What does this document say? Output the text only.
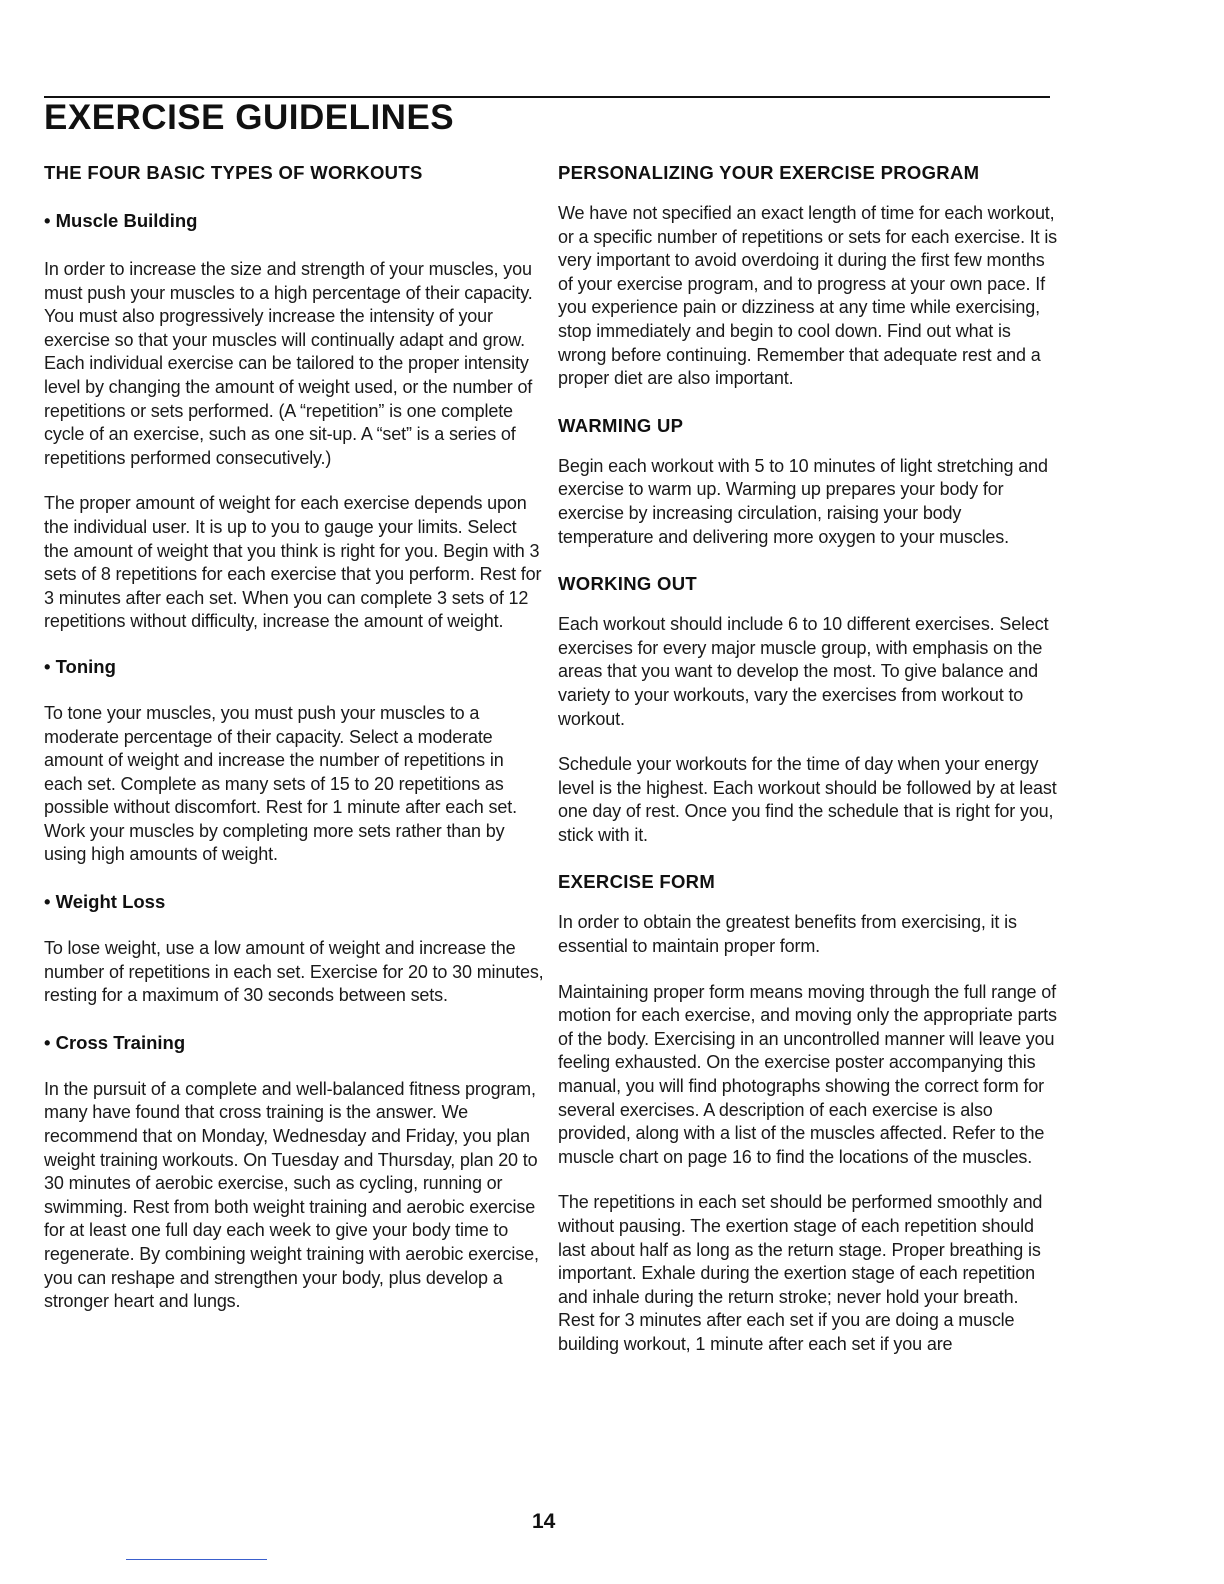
EXERCISE GUIDELINES
THE FOUR BASIC TYPES OF WORKOUTS
• Muscle Building

In order to increase the size and strength of your muscles, you must push your muscles to a high percentage of their capacity. You must also progressively increase the intensity of your exercise so that your muscles will continually adapt and grow. Each individual exercise can be tailored to the proper intensity level by changing the amount of weight used, or the number of repetitions or sets performed. (A “repetition” is one complete cycle of an exercise, such as one sit-up. A “set” is a series of repetitions performed consecutively.)

The proper amount of weight for each exercise depends upon the individual user. It is up to you to gauge your limits. Select the amount of weight that you think is right for you. Begin with 3 sets of 8 repetitions for each exercise that you perform. Rest for 3 minutes after each set. When you can complete 3 sets of 12 repetitions without difficulty, increase the amount of weight.

• Toning

To tone your muscles, you must push your muscles to a moderate percentage of their capacity. Select a moderate amount of weight and increase the number of repetitions in each set. Complete as many sets of 15 to 20 repetitions as possible without discomfort. Rest for 1 minute after each set. Work your muscles by completing more sets rather than by using high amounts of weight.

• Weight Loss

To lose weight, use a low amount of weight and increase the number of repetitions in each set. Exercise for 20 to 30 minutes, resting for a maximum of 30 seconds between sets.

• Cross Training

In the pursuit of a complete and well-balanced fitness program, many have found that cross training is the answer. We recommend that on Monday, Wednesday and Friday, you plan weight training workouts. On Tuesday and Thursday, plan 20 to 30 minutes of aerobic exercise, such as cycling, running or swimming. Rest from both weight training and aerobic exercise for at least one full day each week to give your body time to regenerate. By combining weight training with aerobic exercise, you can reshape and strengthen your body, plus develop a stronger heart and lungs.

PERSONALIZING YOUR EXERCISE PROGRAM

We have not specified an exact length of time for each workout, or a specific number of repetitions or sets for each exercise. It is very important to avoid overdoing it during the first few months of your exercise program, and to progress at your own pace. If you experience pain or dizziness at any time while exercising, stop immediately and begin to cool down. Find out what is wrong before continuing. Remember that adequate rest and a proper diet are also important.

WARMING UP

Begin each workout with 5 to 10 minutes of light stretching and exercise to warm up. Warming up prepares your body for exercise by increasing circulation, raising your body temperature and delivering more oxygen to your muscles.

WORKING OUT

Each workout should include 6 to 10 different exercises. Select exercises for every major muscle group, with emphasis on the areas that you want to develop the most. To give balance and variety to your workouts, vary the exercises from workout to workout.

Schedule your workouts for the time of day when your energy level is the highest. Each workout should be followed by at least one day of rest. Once you find the schedule that is right for you, stick with it.

EXERCISE FORM

In order to obtain the greatest benefits from exercising, it is essential to maintain proper form.

Maintaining proper form means moving through the full range of motion for each exercise, and moving only the appropriate parts of the body. Exercising in an uncontrolled manner will leave you feeling exhausted. On the exercise poster accompanying this manual, you will find photographs showing the correct form for several exercises. A description of each exercise is also provided, along with a list of the muscles affected. Refer to the muscle chart on page 16 to find the locations of the muscles.

The repetitions in each set should be performed smoothly and without pausing. The exertion stage of each repetition should last about half as long as the return stage. Proper breathing is important. Exhale during the exertion stage of each repetition and inhale during the return stroke; never hold your breath. Rest for 3 minutes after each set if you are doing a muscle building workout, 1 minute after each set if you are

14
